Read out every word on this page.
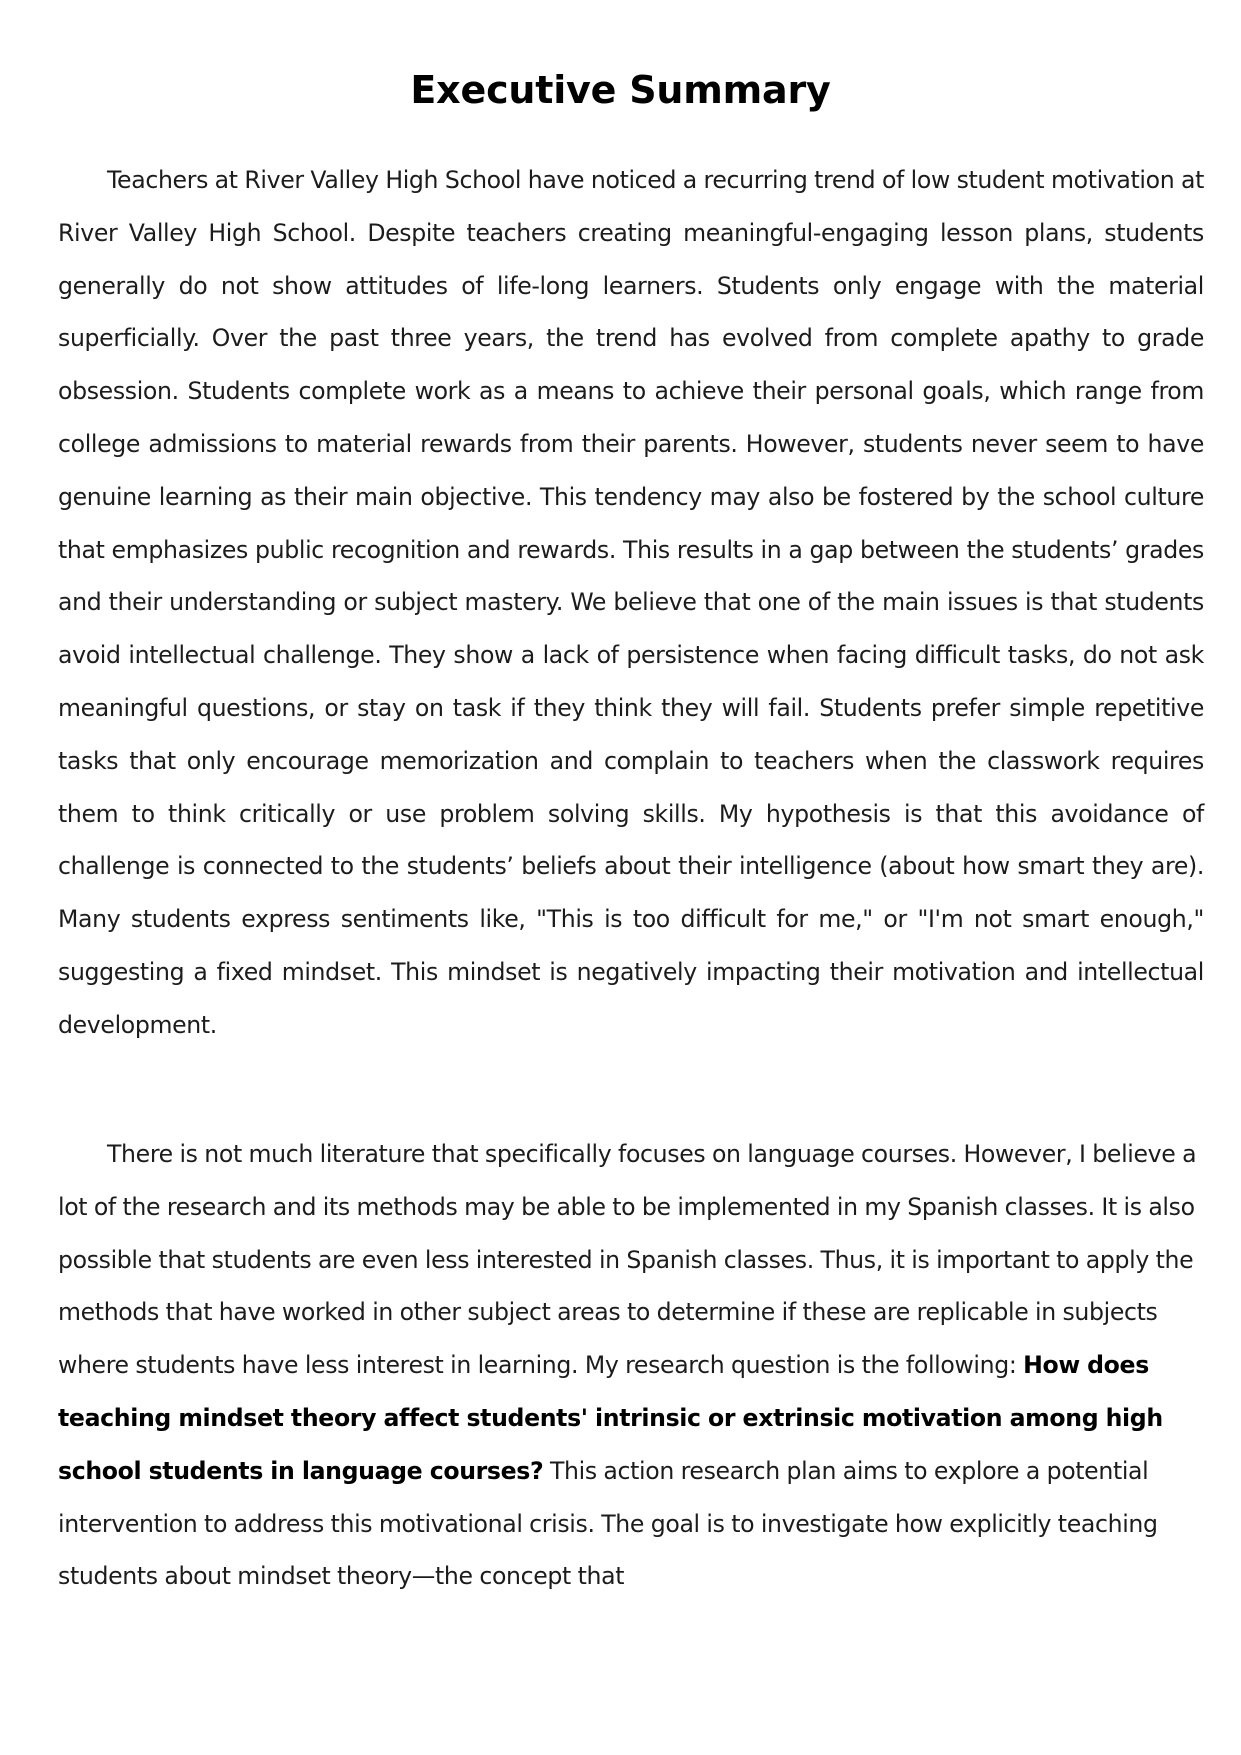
Executive Summary

Teachers at River Valley High School have noticed a recurring trend of low student motivation at River Valley High School. Despite teachers creating meaningful-engaging lesson plans, students generally do not show attitudes of life-long learners. Students only engage with the material superficially. Over the past three years, the trend has evolved from complete apathy to grade obsession. Students complete work as a means to achieve their personal goals, which range from college admissions to material rewards from their parents. However, students never seem to have genuine learning as their main objective. This tendency may also be fostered by the school culture that emphasizes public recognition and rewards. This results in a gap between the students’ grades and their understanding or subject mastery. We believe that one of the main issues is that students avoid intellectual challenge. They show a lack of persistence when facing difficult tasks, do not ask meaningful questions, or stay on task if they think they will fail. Students prefer simple repetitive tasks that only encourage memorization and complain to teachers when the classwork requires them to think critically or use problem solving skills. My hypothesis is that this avoidance of challenge is connected to the students’ beliefs about their intelligence (about how smart they are). Many students express sentiments like, "This is too difficult for me," or "I'm not smart enough," suggesting a fixed mindset. This mindset is negatively impacting their motivation and intellectual development.

There is not much literature that specifically focuses on language courses. However, I believe a lot of the research and its methods may be able to be implemented in my Spanish classes. It is also possible that students are even less interested in Spanish classes. Thus, it is important to apply the methods that have worked in other subject areas to determine if these are replicable in subjects where students have less interest in learning. My research question is the following: How does teaching mindset theory affect students' intrinsic or extrinsic motivation among high school students in language courses? This action research plan aims to explore a potential intervention to address this motivational crisis. The goal is to investigate how explicitly teaching students about mindset theory—the concept that
